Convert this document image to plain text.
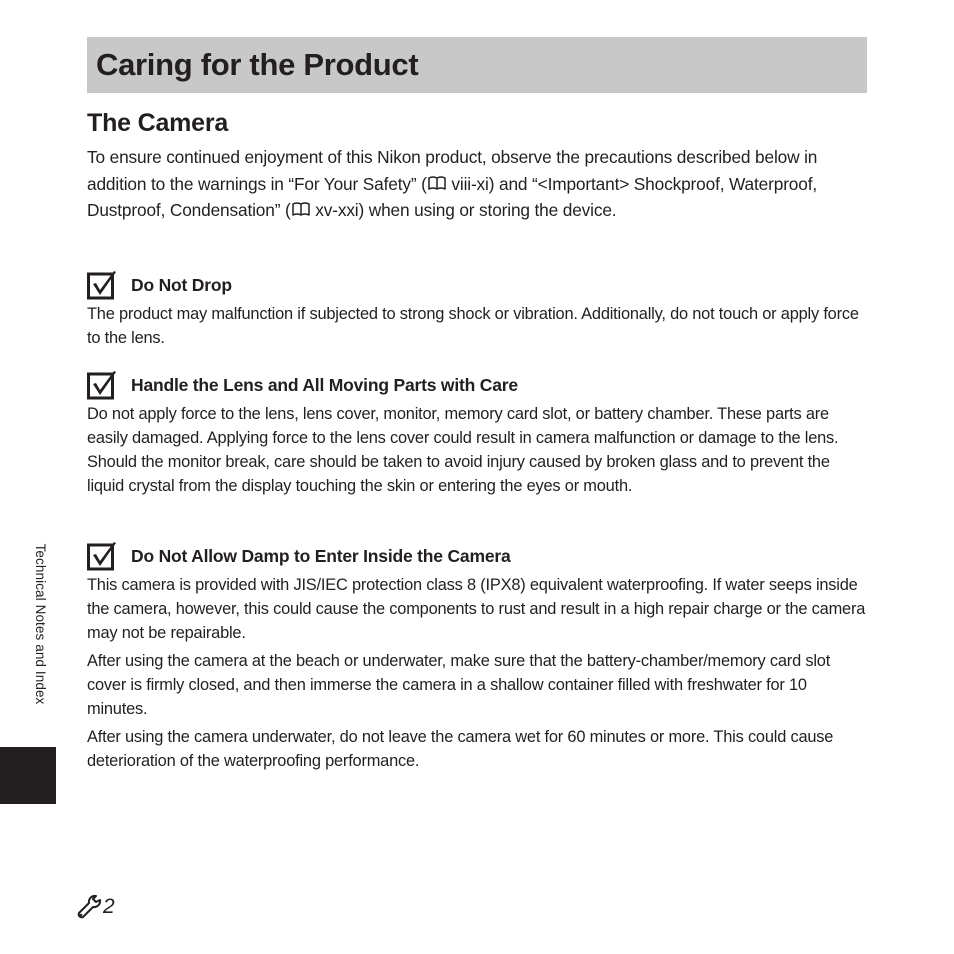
Caring for the Product
The Camera

To ensure continued enjoyment of this Nikon product, observe the precautions described below in addition to the warnings in “For Your Safety” ( viii-xi) and “<Important> Shockproof, Waterproof, Dustproof, Condensation” ( xv-xxi) when using or storing the device.

Do Not Drop

The product may malfunction if subjected to strong shock or vibration. Additionally, do not touch or apply force to the lens.

Handle the Lens and All Moving Parts with Care

Do not apply force to the lens, lens cover, monitor, memory card slot, or battery chamber. These parts are easily damaged. Applying force to the lens cover could result in camera malfunction or damage to the lens. Should the monitor break, care should be taken to avoid injury caused by broken glass and to prevent the liquid crystal from the display touching the skin or entering the eyes or mouth.

Do Not Allow Damp to Enter Inside the Camera

This camera is provided with JIS/IEC protection class 8 (IPX8) equivalent waterproofing. If water seeps inside the camera, however, this could cause the components to rust and result in a high repair charge or the camera may not be repairable.

After using the camera at the beach or underwater, make sure that the battery-chamber/memory card slot cover is firmly closed, and then immerse the camera in a shallow container filled with freshwater for 10 minutes.

After using the camera underwater, do not leave the camera wet for 60 minutes or more. This could cause deterioration of the waterproofing performance.

Technical Notes and Index
2
